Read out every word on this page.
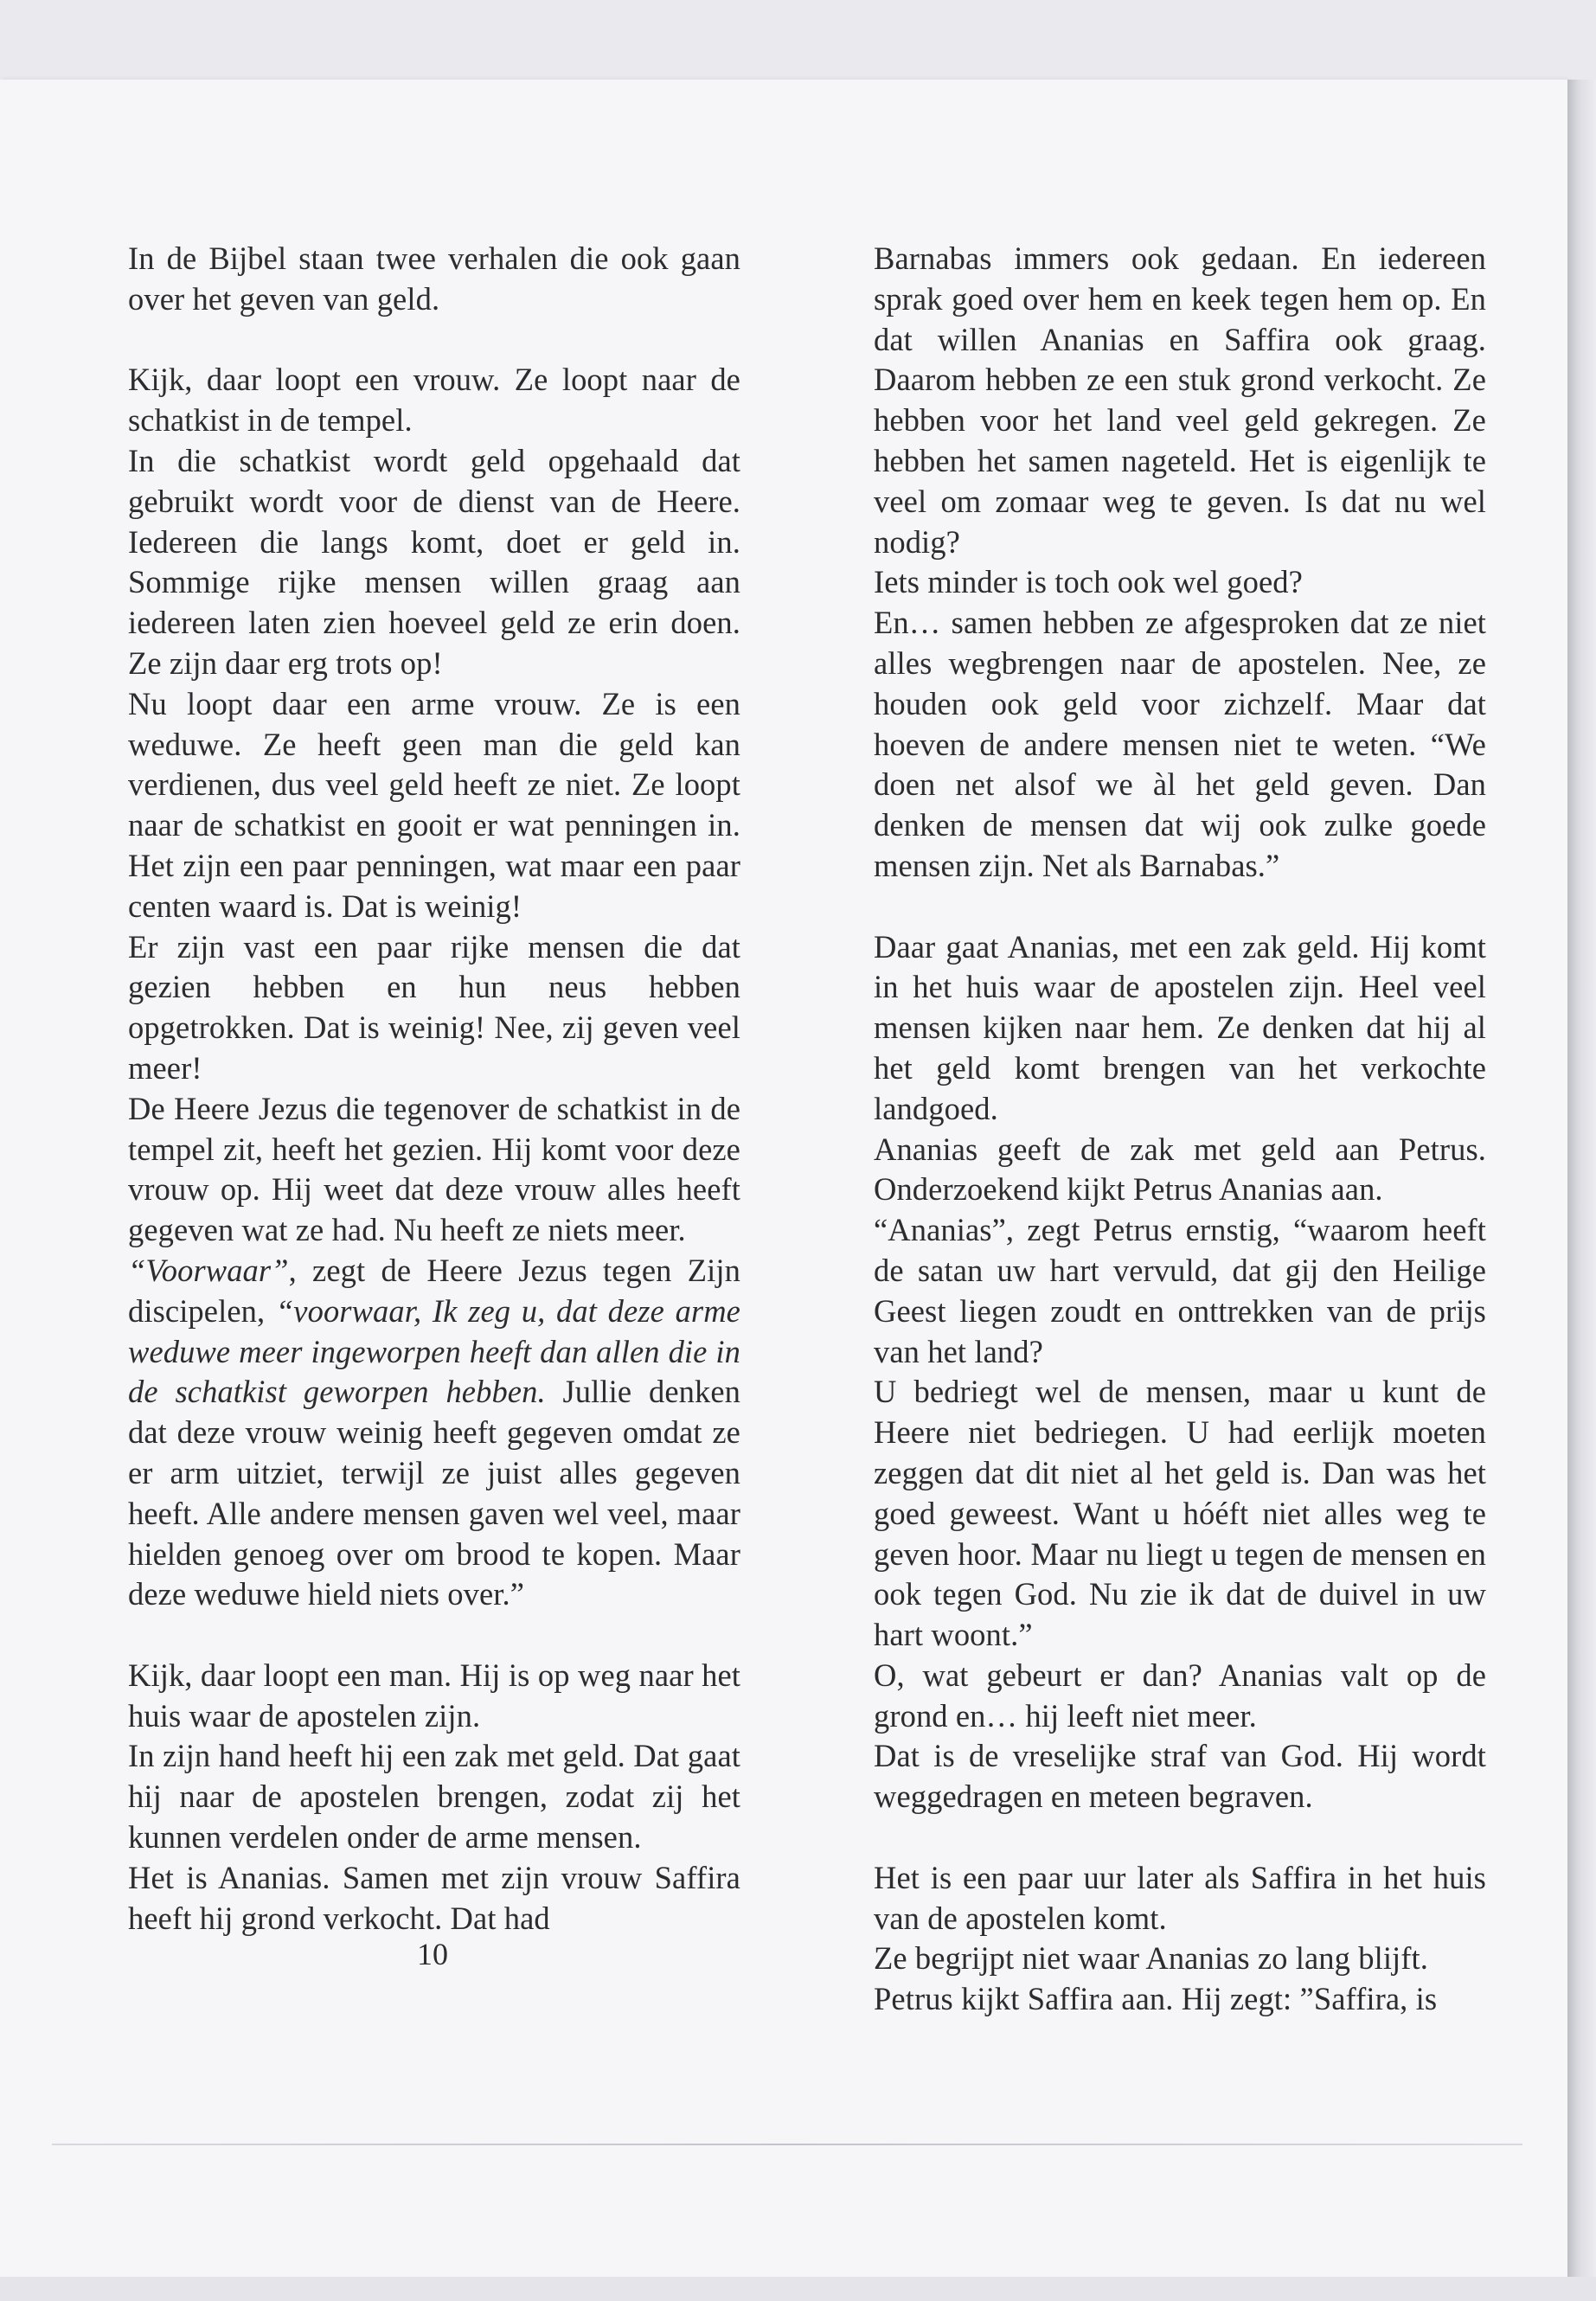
In de Bijbel staan twee verhalen die ook gaan over het geven van geld.

Kijk, daar loopt een vrouw. Ze loopt naar de schatkist in de tempel.

In die schatkist wordt geld opgehaald dat gebruikt wordt voor de dienst van de Heere. Iedereen die langs komt, doet er geld in. Sommige rijke mensen willen graag aan iedereen laten zien hoeveel geld ze erin doen. Ze zijn daar erg trots op!

Nu loopt daar een arme vrouw. Ze is een weduwe. Ze heeft geen man die geld kan verdienen, dus veel geld heeft ze niet. Ze loopt naar de schatkist en gooit er wat penningen in. Het zijn een paar penningen, wat maar een paar centen waard is. Dat is weinig!

Er zijn vast een paar rijke mensen die dat gezien hebben en hun neus hebben opgetrokken. Dat is weinig! Nee, zij geven veel meer!

De Heere Jezus die tegenover de schatkist in de tempel zit, heeft het gezien. Hij komt voor deze vrouw op. Hij weet dat deze vrouw alles heeft gegeven wat ze had. Nu heeft ze niets meer.

“Voorwaar”, zegt de Heere Jezus tegen Zijn discipelen, “voorwaar, Ik zeg u, dat deze arme weduwe meer ingeworpen heeft dan allen die in de schatkist geworpen hebben. Jullie denken dat deze vrouw weinig heeft gegeven omdat ze er arm uitziet, terwijl ze juist alles gegeven heeft. Alle andere mensen gaven wel veel, maar hielden genoeg over om brood te kopen. Maar deze weduwe hield niets over.”

Kijk, daar loopt een man. Hij is op weg naar het huis waar de apostelen zijn.

In zijn hand heeft hij een zak met geld. Dat gaat hij naar de apostelen brengen, zodat zij het kunnen verdelen onder de arme mensen.

Het is Ananias. Samen met zijn vrouw Saffira heeft hij grond verkocht. Dat had

Barnabas immers ook gedaan. En iedereen sprak goed over hem en keek tegen hem op. En dat willen Ananias en Saffira ook graag. Daarom hebben ze een stuk grond verkocht. Ze hebben voor het land veel geld gekregen. Ze hebben het samen nageteld. Het is eigenlijk te veel om zomaar weg te geven. Is dat nu wel nodig?

Iets minder is toch ook wel goed?

En… samen hebben ze afgesproken dat ze niet alles wegbrengen naar de apostelen. Nee, ze houden ook geld voor zichzelf. Maar dat hoeven de andere mensen niet te weten. “We doen net alsof we àl het geld geven. Dan denken de mensen dat wij ook zulke goede mensen zijn. Net als Barnabas.”

Daar gaat Ananias, met een zak geld. Hij komt in het huis waar de apostelen zijn. Heel veel mensen kijken naar hem. Ze denken dat hij al het geld komt brengen van het verkochte landgoed.

Ananias geeft de zak met geld aan Petrus. Onderzoekend kijkt Petrus Ananias aan.

“Ananias”, zegt Petrus ernstig, “waarom heeft de satan uw hart vervuld, dat gij den Heilige Geest liegen zoudt en onttrekken van de prijs van het land?

U bedriegt wel de mensen, maar u kunt de Heere niet bedriegen. U had eerlijk moeten zeggen dat dit niet al het geld is. Dan was het goed geweest. Want u hóéft niet alles weg te geven hoor. Maar nu liegt u tegen de mensen en ook tegen God. Nu zie ik dat de duivel in uw hart woont.”

O, wat gebeurt er dan? Ananias valt op de grond en… hij leeft niet meer.

Dat is de vreselijke straf van God. Hij wordt weggedragen en meteen begraven.

Het is een paar uur later als Saffira in het huis van de apostelen komt.

Ze begrijpt niet waar Ananias zo lang blijft.

Petrus kijkt Saffira aan. Hij zegt: ”Saffira, is

10
